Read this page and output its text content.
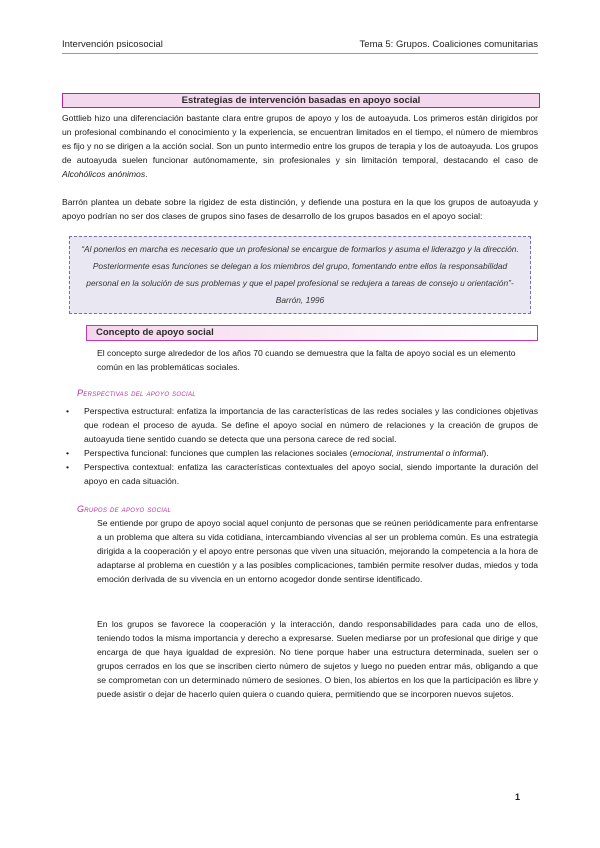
Intervención psicosocial	Tema 5: Grupos. Coaliciones comunitarias
Estrategias de intervención basadas en apoyo social

Gottlieb hizo una diferenciación bastante clara entre grupos de apoyo y los de autoayuda. Los primeros están dirigidos por un profesional combinando el conocimiento y la experiencia, se encuentran limitados en el tiempo, el número de miembros es fijo y no se dirigen a la acción social. Son un punto intermedio entre los grupos de terapia y los de autoayuda. Los grupos de autoayuda suelen funcionar autónomamente, sin profesionales y sin limitación temporal, destacando el caso de Alcohólicos anónimos.

Barrón plantea un debate sobre la rigidez de esta distinción, y defiende una postura en la que los grupos de autoayuda y apoyo podrían no ser dos clases de grupos sino fases de desarrollo de los grupos basados en el apoyo social:

“Al ponerlos en marcha es necesario que un profesional se encargue de formarlos y asuma el liderazgo y la dirección. Posteriormente esas funciones se delegan a los miembros del grupo, fomentando entre ellos la responsabilidad personal en la solución de sus problemas y que el papel profesional se redujera a tareas de consejo u orientación”- Barrón, 1996
Concepto de apoyo social

El concepto surge alrededor de los años 70 cuando se demuestra que la falta de apoyo social es un elemento común en las problemáticas sociales.

Perspectivas del apoyo social
• Perspectiva estructural: enfatiza la importancia de las características de las redes sociales y las condiciones objetivas que rodean el proceso de ayuda. Se define el apoyo social en número de relaciones y la creación de grupos de autoayuda tiene sentido cuando se detecta que una persona carece de red social.
• Perspectiva funcional: funciones que cumplen las relaciones sociales (emocional, instrumental o informal).
• Perspectiva contextual: enfatiza las características contextuales del apoyo social, siendo importante la duración del apoyo en cada situación.
Grupos de apoyo social

Se entiende por grupo de apoyo social aquel conjunto de personas que se reúnen periódicamente para enfrentarse a un problema que altera su vida cotidiana, intercambiando vivencias al ser un problema común. Es una estrategia dirigida a la cooperación y el apoyo entre personas que viven una situación, mejorando la competencia a la hora de adaptarse al problema en cuestión y a las posibles complicaciones, también permite resolver dudas, miedos y toda emoción derivada de su vivencia en un entorno acogedor donde sentirse identificado.

En los grupos se favorece la cooperación y la interacción, dando responsabilidades para cada uno de ellos, teniendo todos la misma importancia y derecho a expresarse. Suelen mediarse por un profesional que dirige y que encarga de que haya igualdad de expresión. No tiene porque haber una estructura determinada, suelen ser o grupos cerrados en los que se inscriben cierto número de sujetos y luego no pueden entrar más, obligando a que se comprometan con un determinado número de sesiones. O bien, los abiertos en los que la participación es libre y puede asistir o dejar de hacerlo quien quiera o cuando quiera, permitiendo que se incorporen nuevos sujetos.

1
